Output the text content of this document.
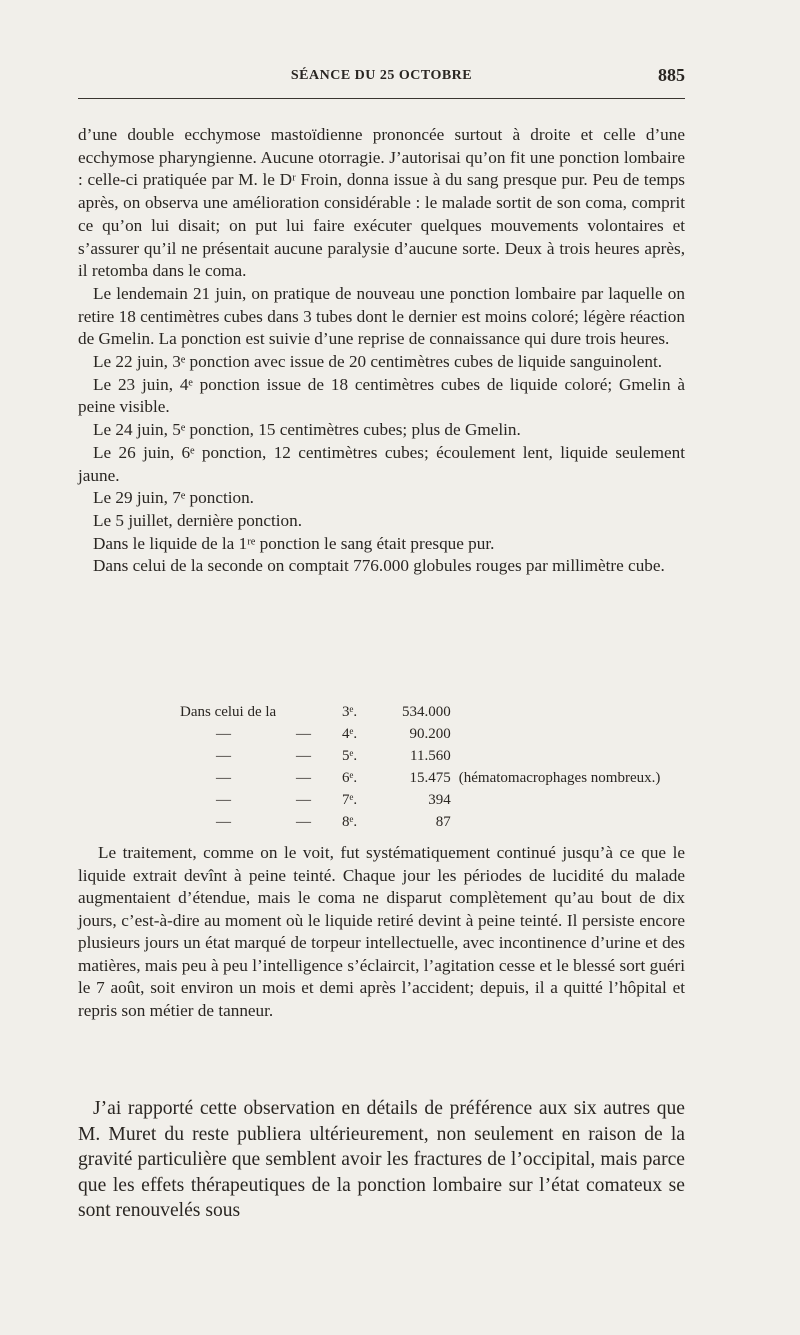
SÉANCE DU 25 OCTOBRE	885

d’une double ecchymose mastoïdienne prononcée surtout à droite et celle d’une ecchymose pharyngienne. Aucune otorragie. J’autorisai qu’on fit une ponction lombaire : celle-ci pratiquée par M. le Dʳ Froin, donna issue à du sang presque pur. Peu de temps après, on observa une amélioration considérable : le malade sortit de son coma, comprit ce qu’on lui disait; on put lui faire exécuter quelques mouvements volontaires et s’assurer qu’il ne présentait aucune paralysie d’aucune sorte. Deux à trois heures après, il retomba dans le coma.

Le lendemain 21 juin, on pratique de nouveau une ponction lombaire par laquelle on retire 18 centimètres cubes dans 3 tubes dont le dernier est moins coloré; légère réaction de Gmelin. La ponction est suivie d’une reprise de connaissance qui dure trois heures.

Le 22 juin, 3ᵉ ponction avec issue de 20 centimètres cubes de liquide sanguinolent.

Le 23 juin, 4ᵉ ponction issue de 18 centimètres cubes de liquide coloré; Gmelin à peine visible.

Le 24 juin, 5ᵉ ponction, 15 centimètres cubes; plus de Gmelin.

Le 26 juin, 6ᵉ ponction, 12 centimètres cubes; écoulement lent, liquide seulement jaune.

Le 29 juin, 7ᵉ ponction.

Le 5 juillet, dernière ponction.

Dans le liquide de la 1ʳᵉ ponction le sang était presque pur.

Dans celui de la seconde on comptait 776.000 globules rouges par millimètre cube.

Dans celui de la	3ᵉ.	534.000	
— —	4ᵉ.	90.200	
— —	5ᵉ.	11.560	
— —	6ᵉ.	15.475	(hématomacrophages nombreux.)
— —	7ᵉ.	394	
— —	8ᵉ.	87	

Le traitement, comme on le voit, fut systématiquement continué jusqu’à ce que le liquide extrait devînt à peine teinté. Chaque jour les périodes de lucidité du malade augmentaient d’étendue, mais le coma ne disparut complètement qu’au bout de dix jours, c’est-à-dire au moment où le liquide retiré devint à peine teinté. Il persiste encore plusieurs jours un état marqué de torpeur intellectuelle, avec incontinence d’urine et des matières, mais peu à peu l’intelligence s’éclaircit, l’agitation cesse et le blessé sort guéri le 7 août, soit environ un mois et demi après l’accident; depuis, il a quitté l’hôpital et repris son métier de tanneur.

J’ai rapporté cette observation en détails de préférence aux six autres que M. Muret du reste publiera ultérieurement, non seulement en raison de la gravité particulière que semblent avoir les fractures de l’occipital, mais parce que les effets thérapeutiques de la ponction lombaire sur l’état comateux se sont renouvelés sous
